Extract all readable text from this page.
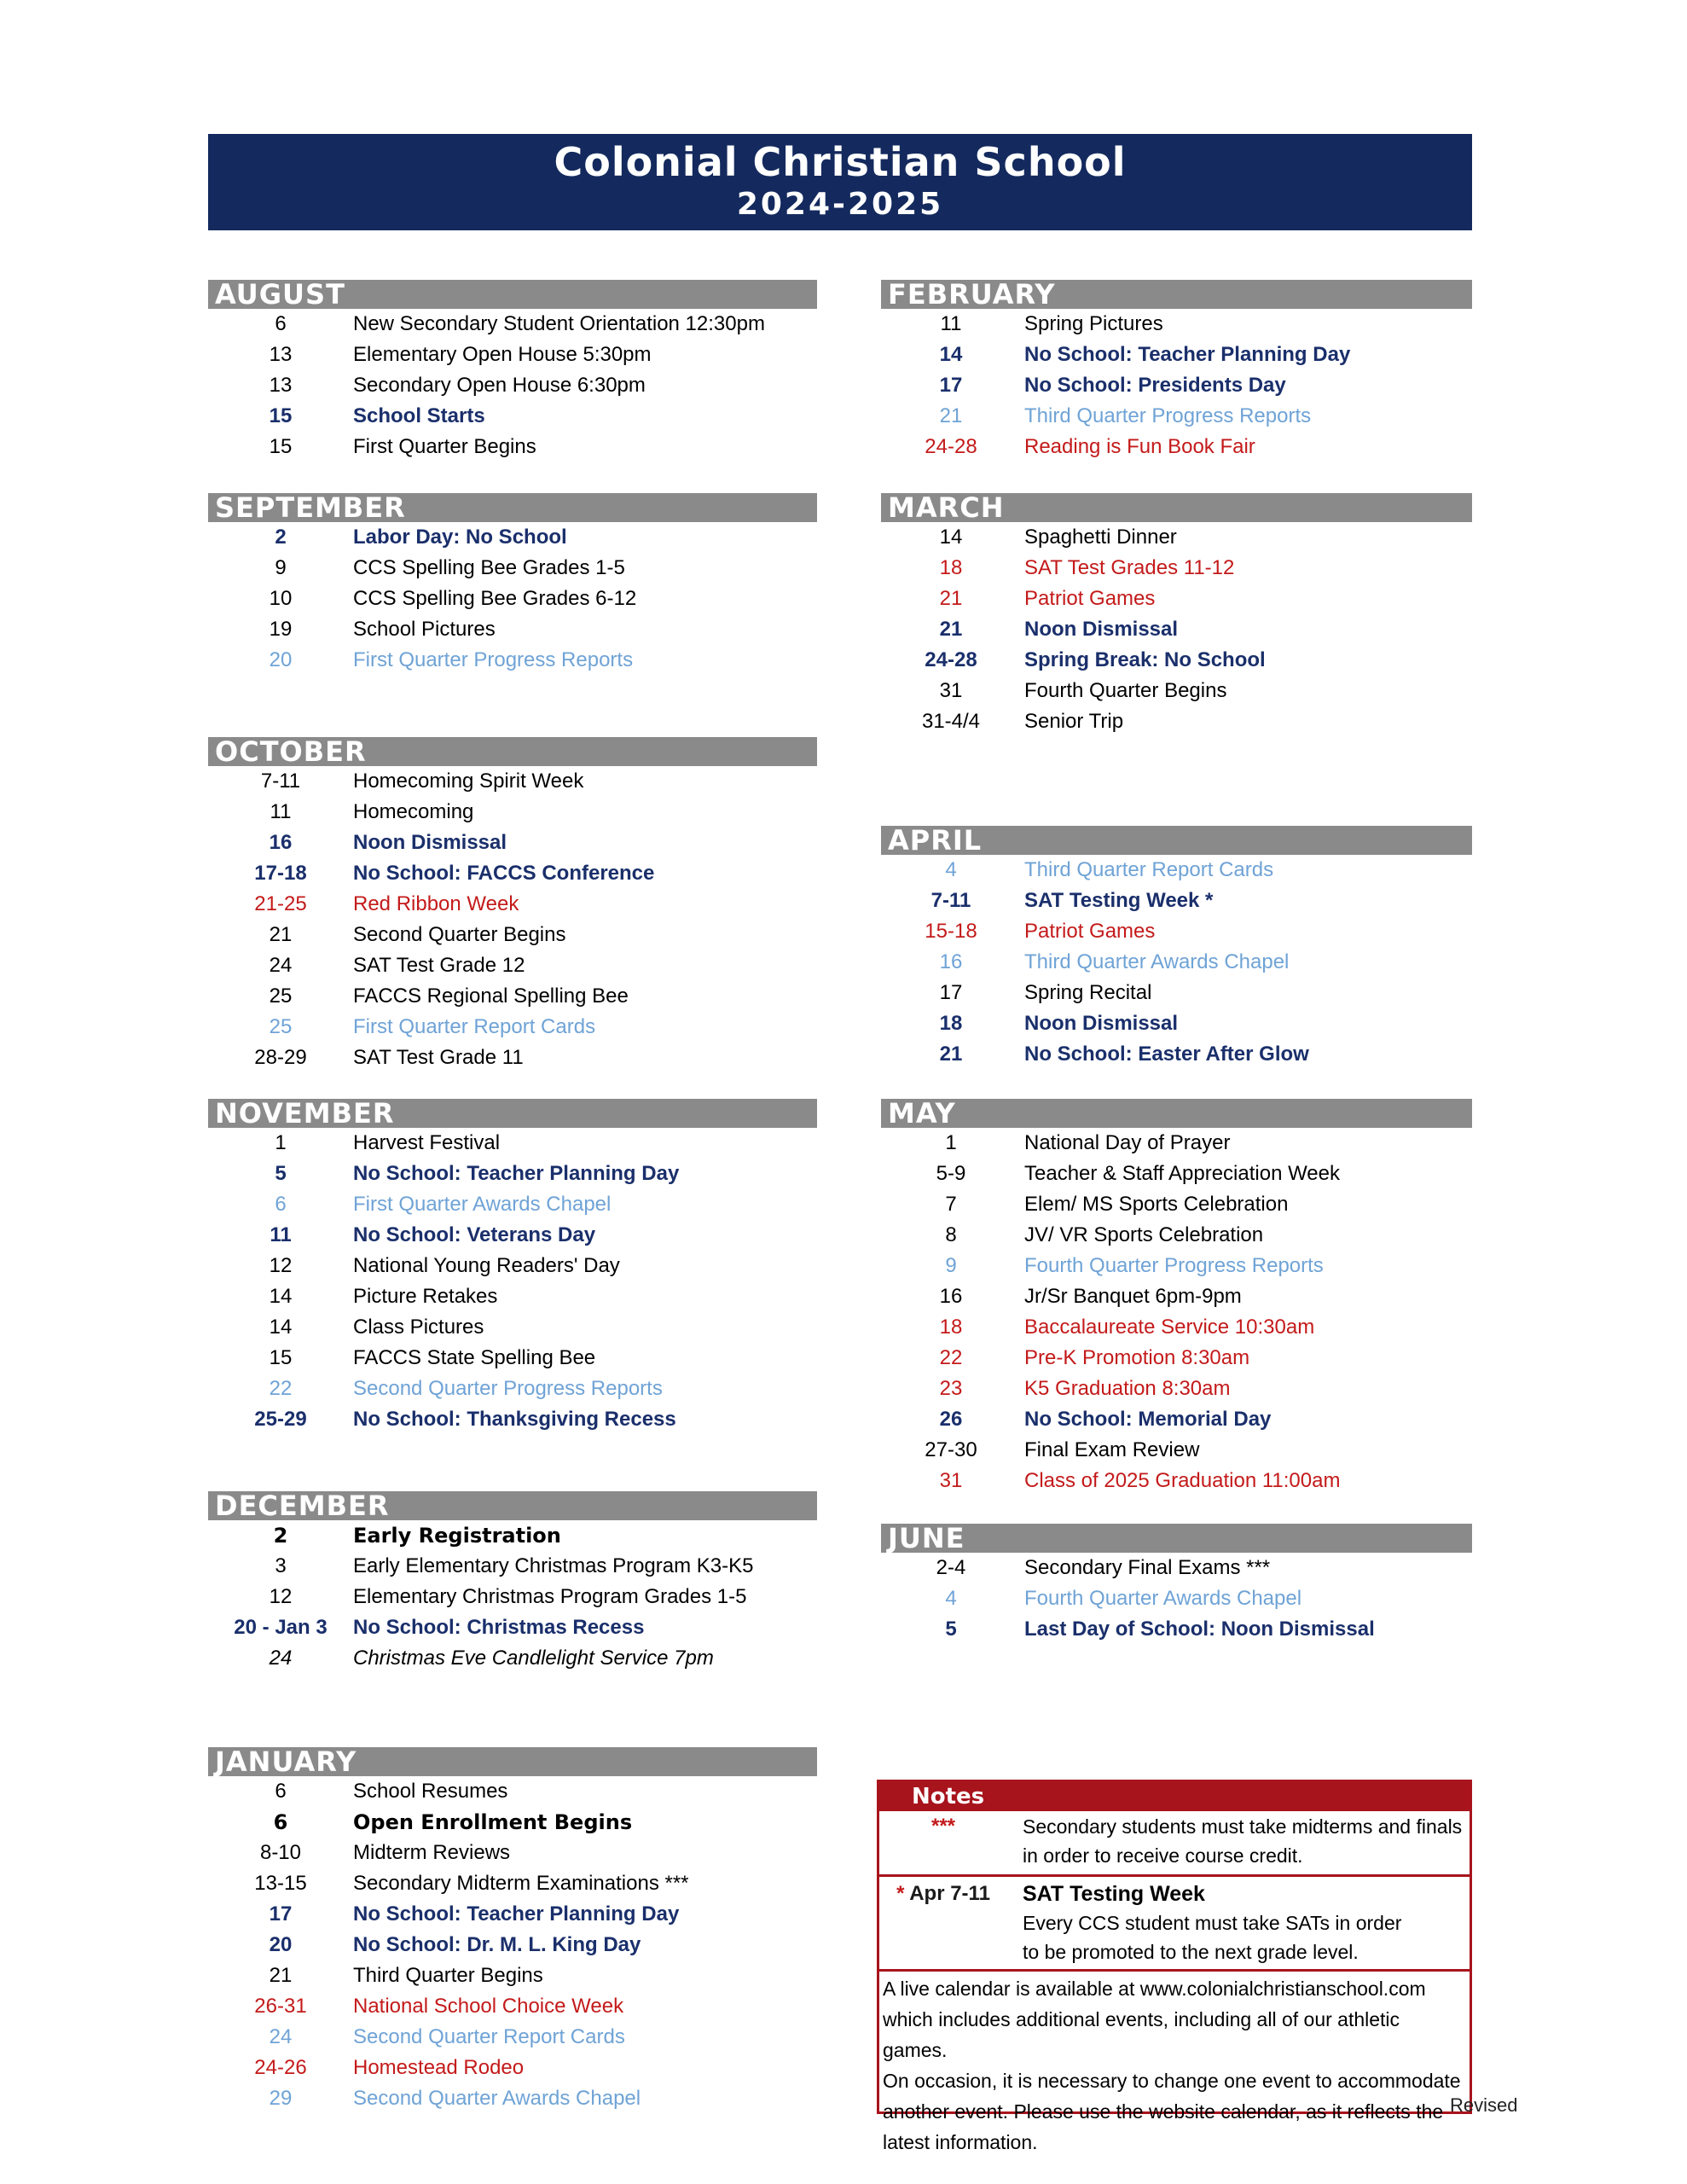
Colonial Christian School
2024-2025
AUGUST
6	New Secondary Student Orientation 12:30pm
13	Elementary Open House 5:30pm
13	Secondary Open House 6:30pm
15	School Starts
15	First Quarter Begins
SEPTEMBER
2	Labor Day: No School
9	CCS Spelling Bee Grades 1-5
10	CCS Spelling Bee Grades 6-12
19	School Pictures
20	First Quarter Progress Reports
OCTOBER
7-11	Homecoming Spirit Week
11	Homecoming
16	Noon Dismissal
17-18	No School: FACCS Conference
21-25	Red Ribbon Week
21	Second Quarter Begins
24	SAT Test Grade 12
25	FACCS Regional Spelling Bee
25	First Quarter Report Cards
28-29	SAT Test Grade 11
NOVEMBER
1	Harvest Festival
5	No School: Teacher Planning Day
6	First Quarter Awards Chapel
11	No School: Veterans Day
12	National Young Readers' Day
14	Picture Retakes
14	Class Pictures
15	FACCS State Spelling Bee
22	Second Quarter Progress Reports
25-29	No School: Thanksgiving Recess
DECEMBER
2	Early Registration
3	Early Elementary Christmas Program K3-K5
12	Elementary Christmas Program Grades 1-5
20 - Jan 3	No School: Christmas Recess
24	Christmas Eve Candlelight Service 7pm
JANUARY
6	School Resumes
6	Open Enrollment Begins
8-10	Midterm Reviews
13-15	Secondary Midterm Examinations ***
17	No School: Teacher Planning Day
20	No School: Dr. M. L. King Day
21	Third Quarter Begins
26-31	National School Choice Week
24	Second Quarter Report Cards
24-26	Homestead Rodeo
29	Second Quarter Awards Chapel
FEBRUARY
11	Spring Pictures
14	No School: Teacher Planning Day
17	No School: Presidents Day
21	Third Quarter Progress Reports
24-28	Reading is Fun Book Fair
MARCH
14	Spaghetti Dinner
18	SAT Test Grades 11-12
21	Patriot Games
21	Noon Dismissal
24-28	Spring Break: No School
31	Fourth Quarter Begins
31-4/4	Senior Trip
APRIL
4	Third Quarter Report Cards
7-11	SAT Testing Week *
15-18	Patriot Games
16	Third Quarter Awards Chapel
17	Spring Recital
18	Noon Dismissal
21	No School: Easter After Glow
MAY
1	National Day of Prayer
5-9	Teacher & Staff Appreciation Week
7	Elem/ MS Sports Celebration
8	JV/ VR Sports Celebration
9	Fourth Quarter Progress Reports
16	Jr/Sr Banquet 6pm-9pm
18	Baccalaureate Service 10:30am
22	Pre-K Promotion 8:30am
23	K5 Graduation 8:30am
26	No School: Memorial Day
27-30	Final Exam Review
31	Class of 2025 Graduation 11:00am
JUNE
2-4	Secondary Final Exams ***
4	Fourth Quarter Awards Chapel
5	Last Day of School: Noon Dismissal
Notes
***	Secondary students must take midterms and finals
in order to receive course credit.
* Apr 7-11	SAT Testing Week
Every CCS student must take SATs in order
to be promoted to the next grade level.
A live calendar is available at www.colonialchristianschool.com
which includes additional events, including all of our athletic games.
On occasion, it is necessary to change one event to accommodate
another event. Please use the website calendar, as it reflects the
latest information.
Revised
